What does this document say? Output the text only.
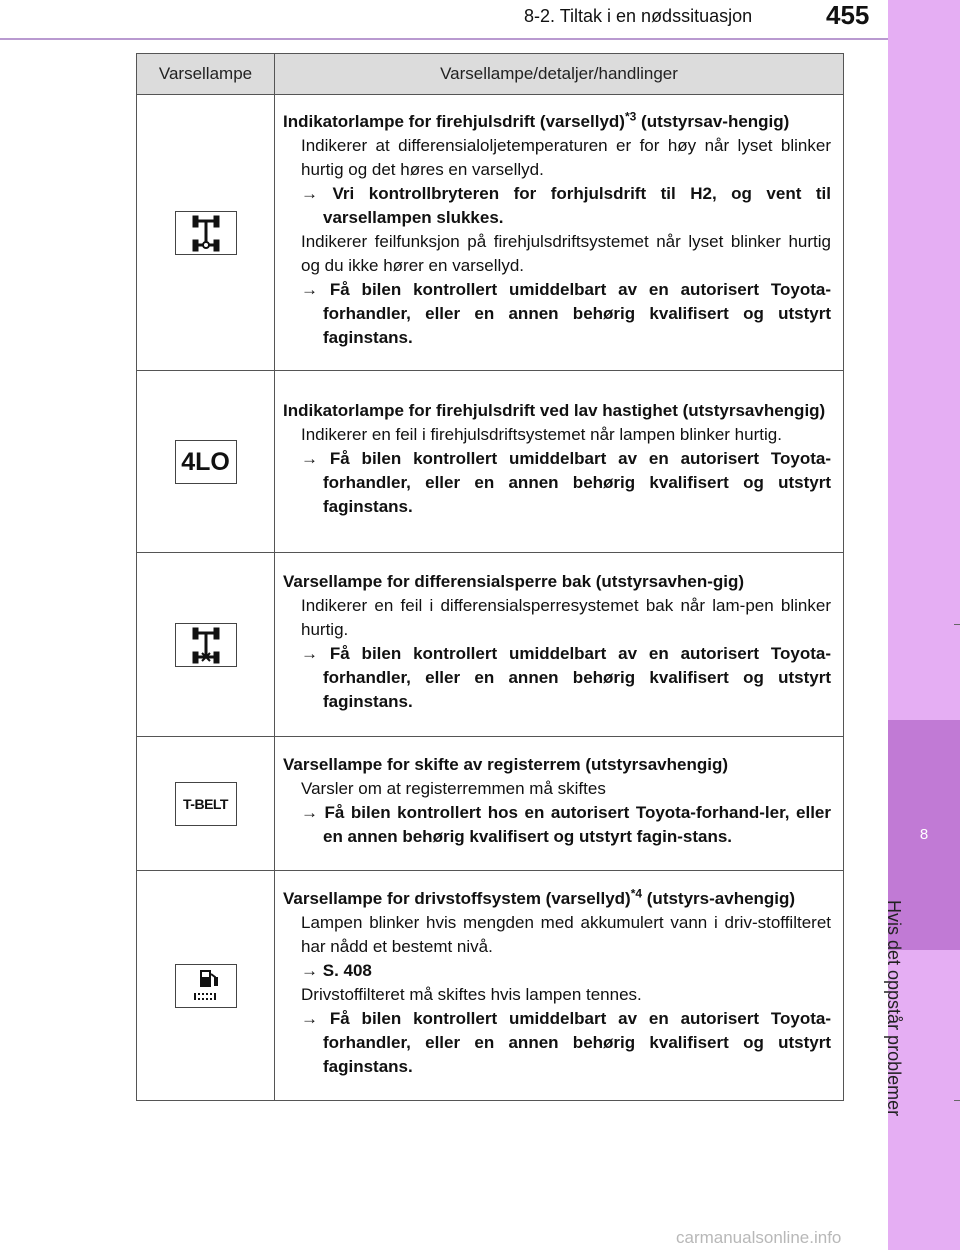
8-2. Tiltak i en nødssituasjon	455
8
Hvis det oppstår problemer
Varsellampe	Varsellampe/detaljer/handlinger

Indikatorlampe for firehjulsdrift (varsellyd)$^{*3}$ (utstyrsav-hengig)
Indikerer at differensialoljetemperaturen er for høy når lyset blinker hurtig og det høres en varsellyd.
→ Vri kontrollbryteren for forhjulsdrift til H2, og vent til varsellampen slukkes.
Indikerer feilfunksjon på firehjulsdriftsystemet når lyset blinker hurtig og du ikke hører en varsellyd.
→ Få bilen kontrollert umiddelbart av en autorisert Toyota-forhandler, eller en annen behørig kvalifisert og utstyrt faginstans.

4LO	Indikatorlampe for firehjulsdrift ved lav hastighet (utstyrsavhengig)
Indikerer en feil i firehjulsdriftsystemet når lampen blinker hurtig.
→ Få bilen kontrollert umiddelbart av en autorisert Toyota-forhandler, eller en annen behørig kvalifisert og utstyrt faginstans.

Varsellampe for differensialsperre bak (utstyrsavhen-gig)
Indikerer en feil i differensialsperresystemet bak når lam-pen blinker hurtig.
→ Få bilen kontrollert umiddelbart av en autorisert Toyota-forhandler, eller en annen behørig kvalifisert og utstyrt faginstans.

T-BELT	Varsellampe for skifte av registerrem (utstyrsavhengig)
Varsler om at registerremmen må skiftes
→ Få bilen kontrollert hos en autorisert Toyota-forhand-ler, eller en annen behørig kvalifisert og utstyrt fagin-stans.

Varsellampe for drivstoffsystem (varsellyd)$^{*4}$ (utstyrs-avhengig)
Lampen blinker hvis mengden med akkumulert vann i driv-stoffilteret har nådd et bestemt nivå.
→ S. 408
Drivstoffilteret må skiftes hvis lampen tennes.
→ Få bilen kontrollert umiddelbart av en autorisert Toyota-forhandler, eller en annen behørig kvalifisert og utstyrt faginstans.
carmanualsonline.info
